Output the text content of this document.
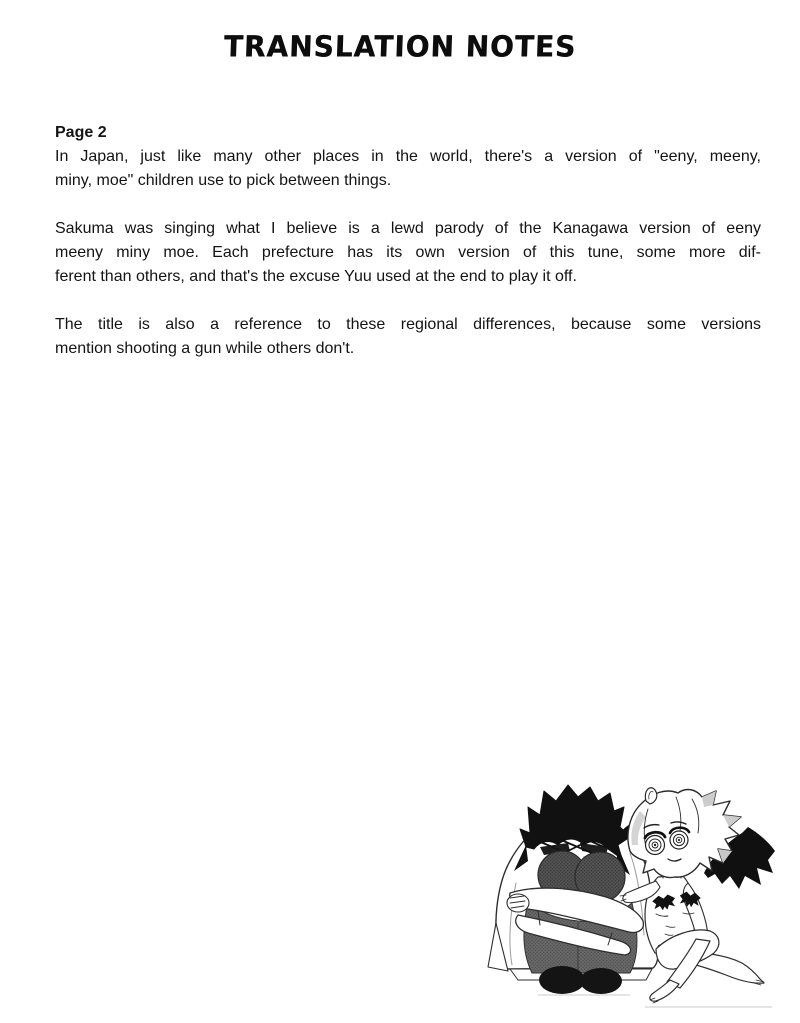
TRANSLATION NOTES

Page 2
In Japan, just like many other places in the world, there's a version of "eeny, meeny,
miny, moe" children use to pick between things.

Sakuma was singing what I believe is a lewd parody of the Kanagawa version of eeny
meeny miny moe. Each prefecture has its own version of this tune, some more dif-
ferent than others, and that's the excuse Yuu used at the end to play it off.

The title is also a reference to these regional differences, because some versions
mention shooting a gun while others don't.
